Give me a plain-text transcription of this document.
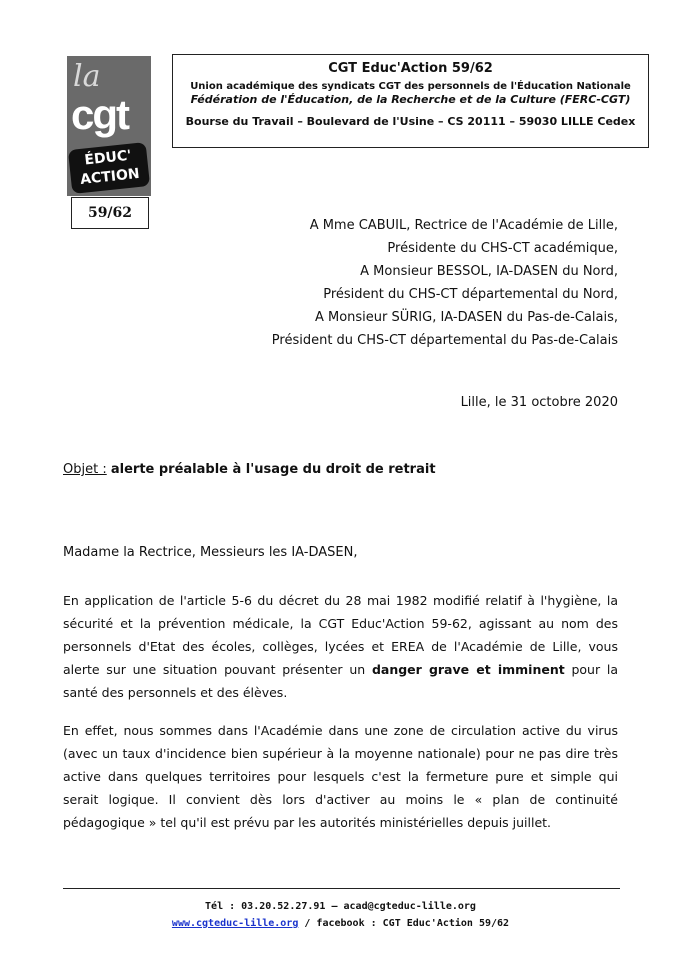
la
cgt
ÉDUC'
ACTION
59/62
CGT Educ'Action 59/62
Union académique des syndicats CGT des personnels de l'Éducation Nationale
Fédération de l'Éducation, de la Recherche et de la Culture (FERC-CGT)
Bourse du Travail – Boulevard de l'Usine – CS 20111 – 59030 LILLE Cedex
A Mme CABUIL, Rectrice de l'Académie de Lille,
Présidente du CHS-CT académique,
A Monsieur BESSOL, IA-DASEN du Nord,
Président du CHS-CT départemental du Nord,
A Monsieur SÜRIG, IA-DASEN du Pas-de-Calais,
Président du CHS-CT départemental du Pas-de-Calais
Lille, le 31 octobre 2020
Objet : alerte préalable à l'usage du droit de retrait
Madame la Rectrice, Messieurs les IA-DASEN,
En application de l'article 5-6 du décret du 28 mai 1982 modifié relatif à l'hygiène, la sécurité et la prévention médicale, la CGT Educ'Action 59-62, agissant au nom des personnels d'Etat des écoles, collèges, lycées et EREA de l'Académie de Lille, vous alerte sur une situation pouvant présenter un danger grave et imminent pour la santé des personnels et des élèves.
En effet, nous sommes dans l'Académie dans une zone de circulation active du virus (avec un taux d'incidence bien supérieur à la moyenne nationale) pour ne pas dire très active dans quelques territoires pour lesquels c'est la fermeture pure et simple qui serait logique. Il convient dès lors d'activer au moins le « plan de continuité pédagogique » tel qu'il est prévu par les autorités ministérielles depuis juillet.
Tél : 03.20.52.27.91 – acad@cgteduc-lille.org
www.cgteduc-lille.org / facebook : CGT Educ'Action 59/62
